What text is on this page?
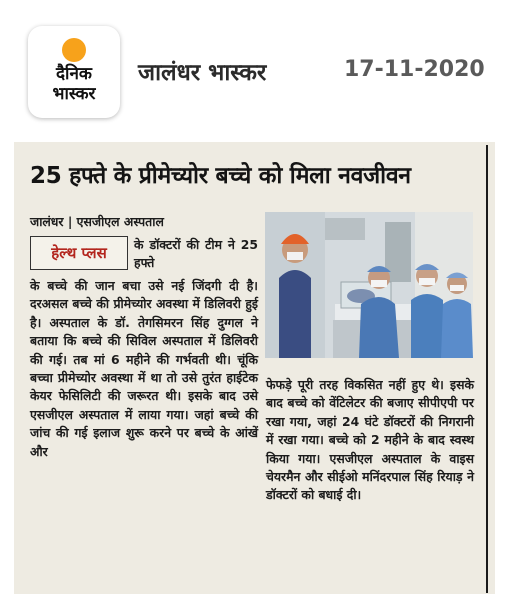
दैनिक
भास्कर
जालंधर भास्कर	17-11-2020
25 हफ्ते के प्रीमेच्योर बच्चे को मिला नवजीवन
जालंधर | एसजीएल अस्पताल
हेल्थ प्लस	के डॉक्टरों की टीम ने 25 हफ्ते
के बच्चे की जान बचा उसे नई जिंदगी दी है। दरअसल बच्चे की प्रीमेच्योर अवस्था में डिलिवरी हुई है। अस्पताल के डॉ. तेगसिमरन सिंह दुग्गल ने बताया कि बच्चे की सिविल अस्पताल में डिलिवरी की गई। तब मां 6 महीने की गर्भवती थी। चूंकि बच्चा प्रीमेच्योर अवस्था में था तो उसे तुरंत हाईटेक केयर फेसिलिटी की जरूरत थी। इसके बाद उसे एसजीएल अस्पताल में लाया गया। जहां बच्चे की जांच की गई इलाज शुरू करने पर बच्चे के आंखें और
फेफड़े पूरी तरह विकसित नहीं हुए थे। इसके बाद बच्चे को वेंटिलेटर की बजाए सीपीएपी पर रखा गया, जहां 24 घंटे डॉक्टरों की निगरानी में रखा गया। बच्चे को 2 महीने के बाद स्वस्थ किया गया। एसजीएल अस्पताल के वाइस चेयरमैन और सीईओ मनिंदरपाल सिंह रियाड़ ने डॉक्टरों को बधाई दी।
